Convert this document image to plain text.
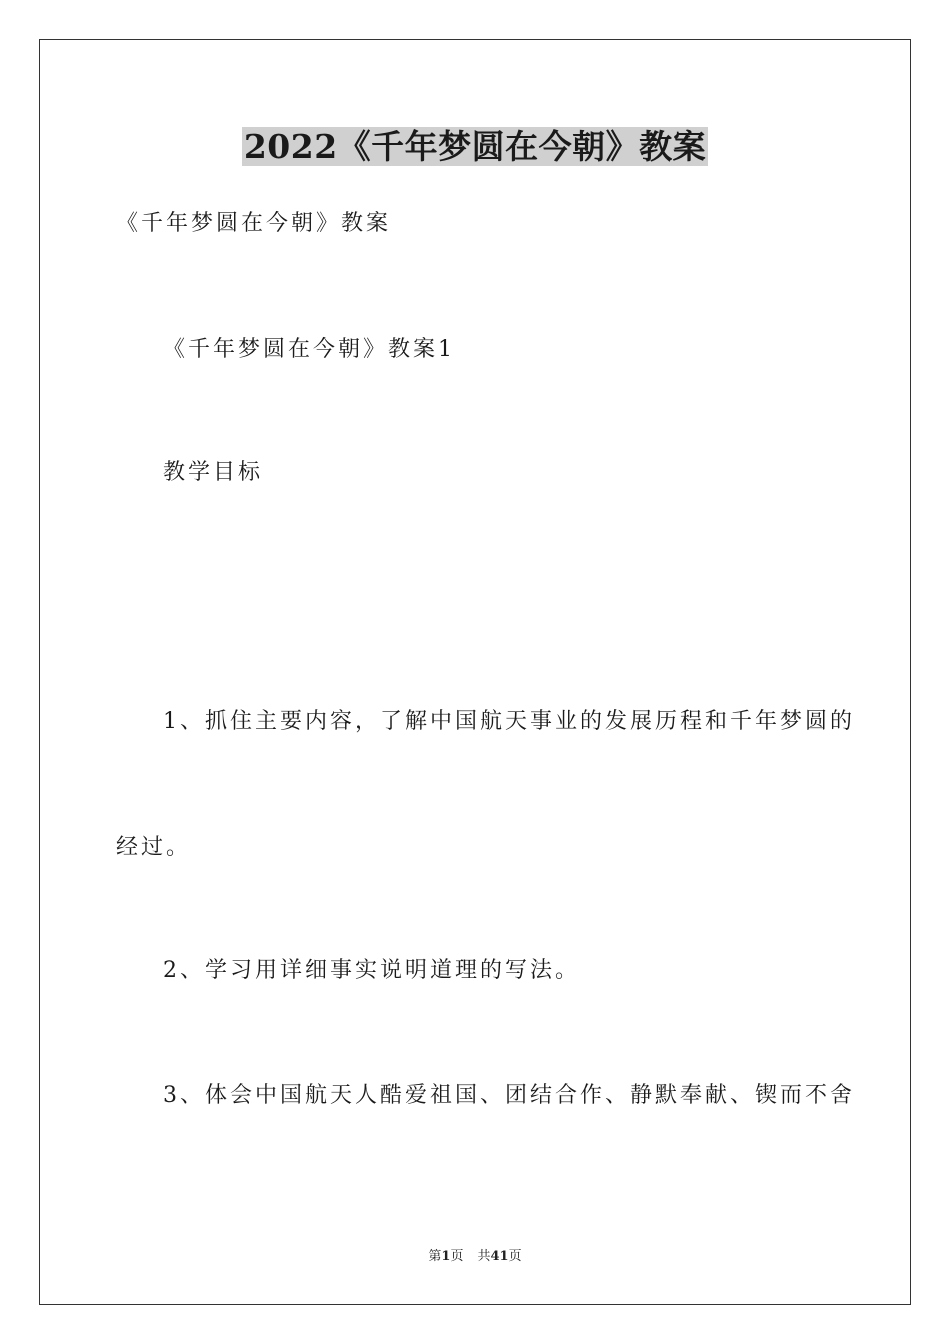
2022《千年梦圆在今朝》教案
《千年梦圆在今朝》教案
《千年梦圆在今朝》教案1
教学目标
1、抓住主要内容，了解中国航天事业的发展历程和千年梦圆的
经过。
2、学习用详细事实说明道理的写法。
3、体会中国航天人酷爱祖国、团结合作、静默奉献、锲而不舍
第1页 共41页
